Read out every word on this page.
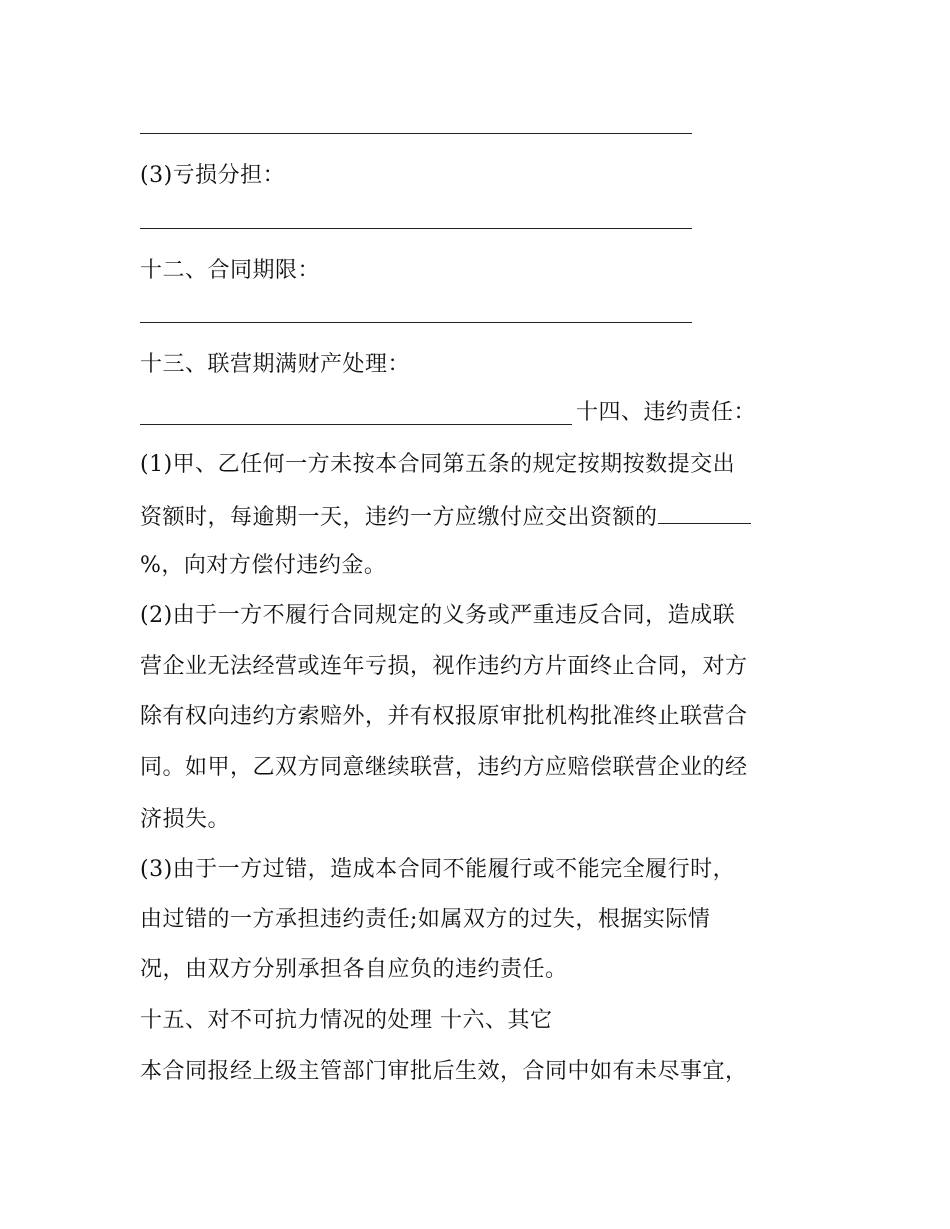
(3)亏损分担：
十二、合同期限：
十三、联营期满财产处理：
十四、违约责任：
(1)甲、乙任何一方未按本合同第五条的规定按期按数提交出
资额时，每逾期一天，违约一方应缴付应交出资额的
%，向对方偿付违约金。
(2)由于一方不履行合同规定的义务或严重违反合同，造成联
营企业无法经营或连年亏损，视作违约方片面终止合同，对方
除有权向违约方索赔外，并有权报原审批机构批准终止联营合
同。如甲，乙双方同意继续联营，违约方应赔偿联营企业的经
济损失。
(3)由于一方过错，造成本合同不能履行或不能完全履行时，
由过错的一方承担违约责任;如属双方的过失，根据实际情
况，由双方分别承担各自应负的违约责任。
十五、对不可抗力情况的处理 十六、其它
本合同报经上级主管部门审批后生效，合同中如有未尽事宜，
